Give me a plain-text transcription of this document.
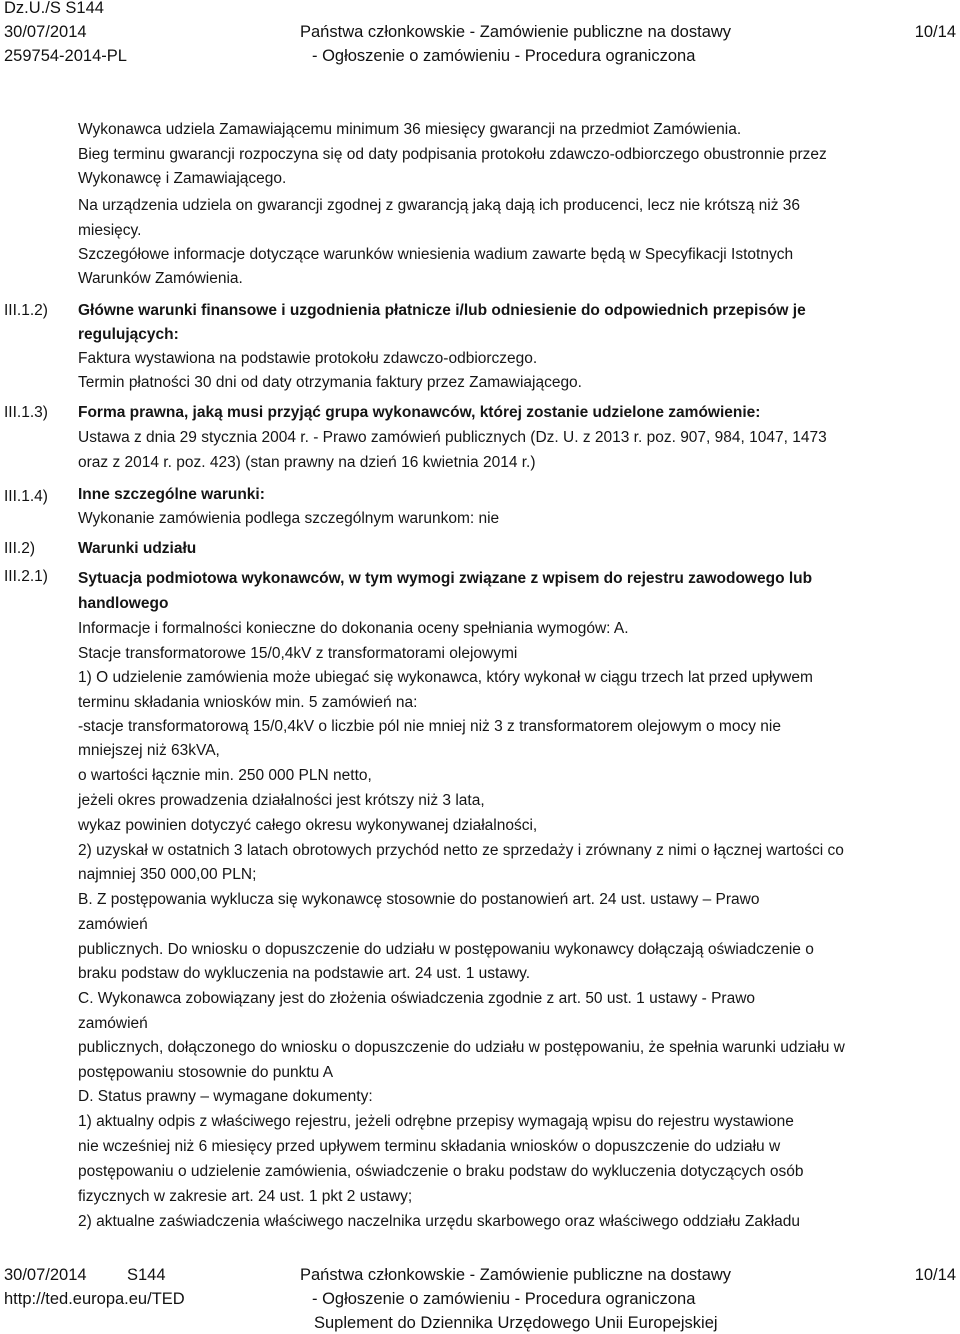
Dz.U./S S144
30/07/2014
259754-2014-PL
Państwa członkowskie - Zamówienie publiczne na dostawy
- Ogłoszenie o zamówieniu - Procedura ograniczona
10/14
III.1.2)
III.1.3)
III.1.4)
III.2)
III.2.1)
Wykonawca udziela Zamawiającemu minimum 36 miesięcy gwarancji na przedmiot Zamówienia.
Bieg terminu gwarancji rozpoczyna się od daty podpisania protokołu zdawczo-odbiorczego obustronnie przez
Wykonawcę i Zamawiającego.
Na urządzenia udziela on gwarancji zgodnej z gwarancją jaką dają ich producenci, lecz nie krótszą niż 36
miesięcy.
Szczegółowe informacje dotyczące warunków wniesienia wadium zawarte będą w Specyfikacji Istotnych
Warunków Zamówienia.
Główne warunki finansowe i uzgodnienia płatnicze i/lub odniesienie do odpowiednich przepisów je
regulujących:
Faktura wystawiona na podstawie protokołu zdawczo-odbiorczego.
Termin płatności 30 dni od daty otrzymania faktury przez Zamawiającego.
Forma prawna, jaką musi przyjąć grupa wykonawców, której zostanie udzielone zamówienie:
Ustawa z dnia 29 stycznia 2004 r. - Prawo zamówień publicznych (Dz. U. z 2013 r. poz. 907, 984, 1047, 1473
oraz z 2014 r. poz. 423) (stan prawny na dzień 16 kwietnia 2014 r.)
Inne szczególne warunki:
Wykonanie zamówienia podlega szczególnym warunkom: nie
Warunki udziału
Sytuacja podmiotowa wykonawców, w tym wymogi związane z wpisem do rejestru zawodowego lub
handlowego
Informacje i formalności konieczne do dokonania oceny spełniania wymogów: A.
Stacje transformatorowe 15/0,4kV z transformatorami olejowymi
1) O udzielenie zamówienia może ubiegać się wykonawca, który wykonał w ciągu trzech lat przed upływem
terminu składania wniosków min. 5 zamówień na:
-stacje transformatorową 15/0,4kV o liczbie pól nie mniej niż 3 z transformatorem olejowym o mocy nie
mniejszej niż 63kVA,
o wartości łącznie min. 250 000 PLN netto,
jeżeli okres prowadzenia działalności jest krótszy niż 3 lata,
wykaz powinien dotyczyć całego okresu wykonywanej działalności,
2) uzyskał w ostatnich 3 latach obrotowych przychód netto ze sprzedaży i zrównany z nimi o łącznej wartości co
najmniej 350 000,00 PLN;
B. Z postępowania wyklucza się wykonawcę stosownie do postanowień art. 24 ust. ustawy – Prawo
zamówień
publicznych. Do wniosku o dopuszczenie do udziału w postępowaniu wykonawcy dołączają oświadczenie o
braku podstaw do wykluczenia na podstawie art. 24 ust. 1 ustawy.
C. Wykonawca zobowiązany jest do złożenia oświadczenia zgodnie z art. 50 ust. 1 ustawy - Prawo
zamówień
publicznych, dołączonego do wniosku o dopuszczenie do udziału w postępowaniu, że spełnia warunki udziału w
postępowaniu stosownie do punktu A
D. Status prawny – wymagane dokumenty:
1) aktualny odpis z właściwego rejestru, jeżeli odrębne przepisy wymagają wpisu do rejestru wystawione
nie wcześniej niż 6 miesięcy przed upływem terminu składania wniosków o dopuszczenie do udziału w
postępowaniu o udzielenie zamówienia, oświadczenie o braku podstaw do wykluczenia dotyczących osób
fizycznych w zakresie art. 24 ust. 1 pkt 2 ustawy;
2) aktualne zaświadczenia właściwego naczelnika urzędu skarbowego oraz właściwego oddziału Zakładu
30/07/2014 S144
http://ted.europa.eu/TED
Państwa członkowskie - Zamówienie publiczne na dostawy
- Ogłoszenie o zamówieniu - Procedura ograniczona
Suplement do Dziennika Urzędowego Unii Europejskiej
10/14
